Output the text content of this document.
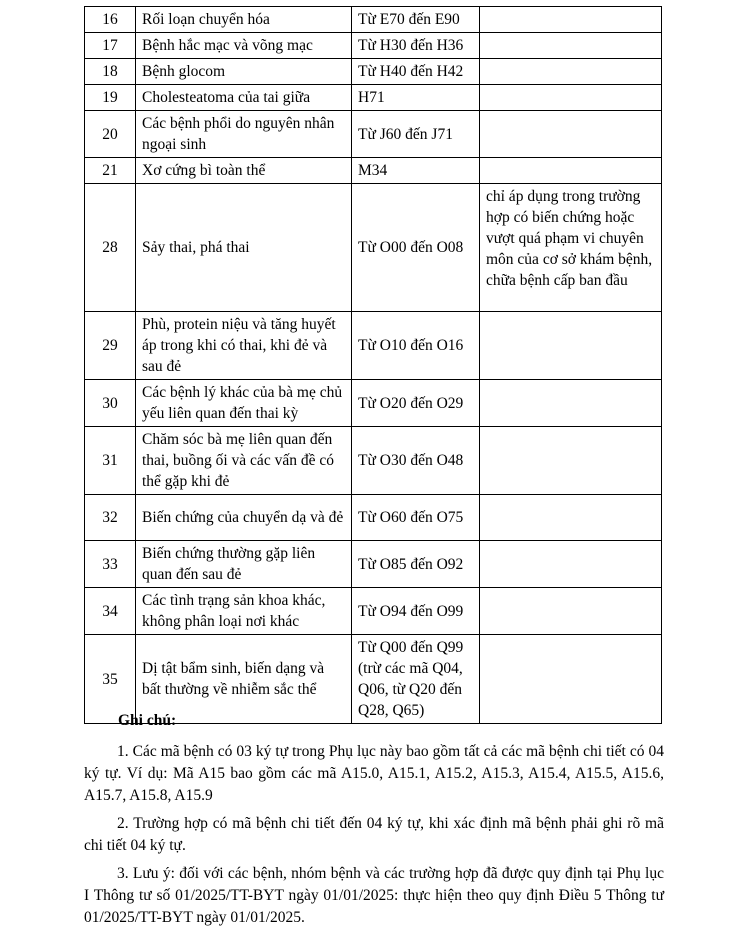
16	Rối loạn chuyển hóa	Từ E70 đến E90	
17	Bệnh hắc mạc và võng mạc	Từ H30 đến H36	
18	Bệnh glocom	Từ H40 đến H42	
19	Cholesteatoma của tai giữa	H71	
20	Các bệnh phổi do nguyên nhân ngoại sinh	Từ J60 đến J71	
21	Xơ cứng bì toàn thể	M34	
28	Sảy thai, phá thai	Từ O00 đến O08	chỉ áp dụng trong trường hợp có biến chứng hoặc vượt quá phạm vi chuyên môn của cơ sở khám bệnh, chữa bệnh cấp ban đầu
29	Phù, protein niệu và tăng huyết áp trong khi có thai, khi đẻ và sau đẻ	Từ O10 đến O16	
30	Các bệnh lý khác của bà mẹ chủ yếu liên quan đến thai kỳ	Từ O20 đến O29	
31	Chăm sóc bà mẹ liên quan đến thai, buồng ối và các vấn đề có thể gặp khi đẻ	Từ O30 đến O48	
32	Biến chứng của chuyển dạ và đẻ	Từ O60 đến O75	
33	Biến chứng thường gặp liên quan đến sau đẻ	Từ O85 đến O92	
34	Các tình trạng sản khoa khác, không phân loại nơi khác	Từ O94 đến O99	
35	Dị tật bẩm sinh, biến dạng và bất thường về nhiễm sắc thể	Từ Q00 đến Q99 (trừ các mã Q04, Q06, từ Q20 đến Q28, Q65)	
Ghi chú:

1. Các mã bệnh có 03 ký tự trong Phụ lục này bao gồm tất cả các mã bệnh chi tiết có 04 ký tự. Ví dụ: Mã A15 bao gồm các mã A15.0, A15.1, A15.2, A15.3, A15.4, A15.5, A15.6, A15.7, A15.8, A15.9

2. Trường hợp có mã bệnh chi tiết đến 04 ký tự, khi xác định mã bệnh phải ghi rõ mã chi tiết 04 ký tự.

3. Lưu ý: đối với các bệnh, nhóm bệnh và các trường hợp đã được quy định tại Phụ lục I Thông tư số 01/2025/TT-BYT ngày 01/01/2025: thực hiện theo quy định Điều 5 Thông tư 01/2025/TT-BYT ngày 01/01/2025.
